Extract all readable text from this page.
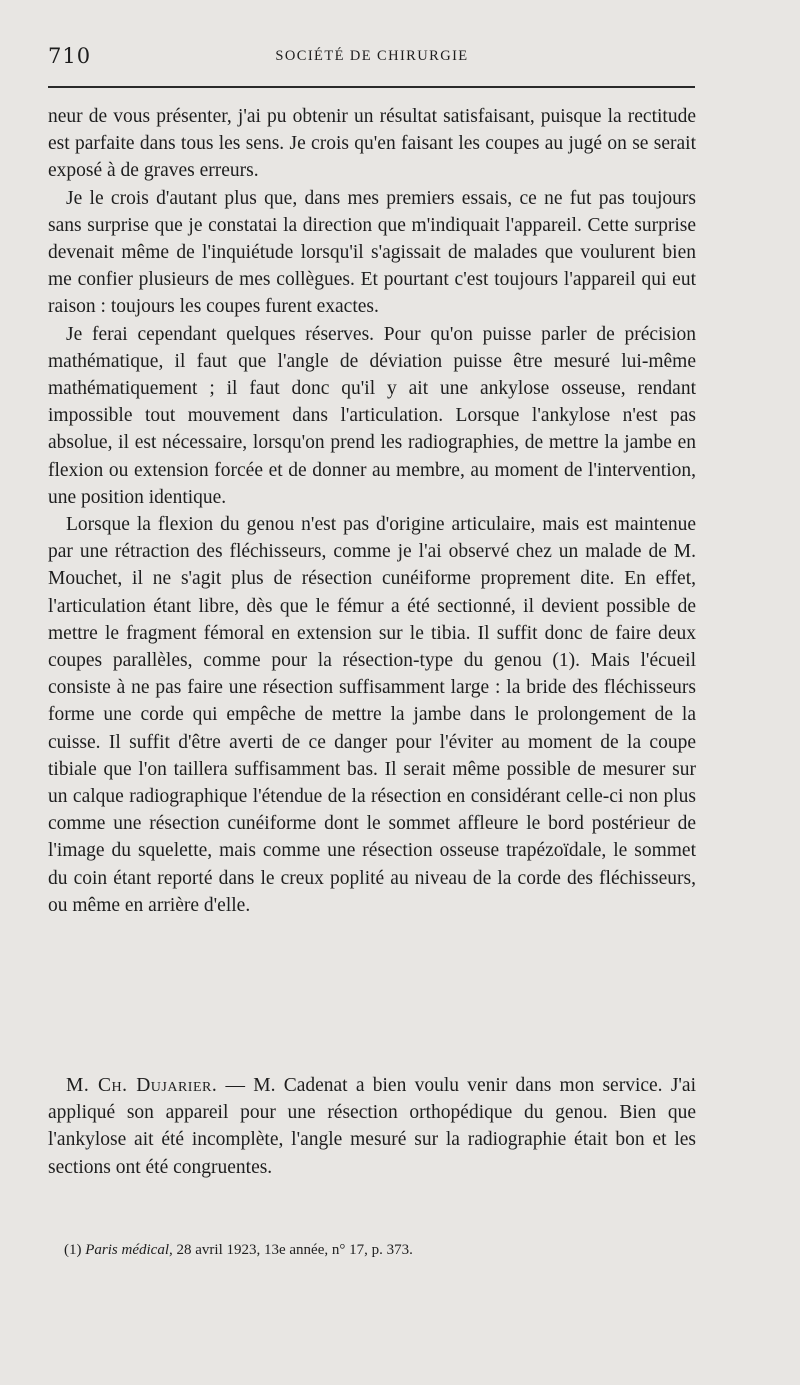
710	SOCIÉTÉ DE CHIRURGIE

neur de vous présenter, j'ai pu obtenir un résultat satisfaisant, puisque la rectitude est parfaite dans tous les sens. Je crois qu'en faisant les coupes au jugé on se serait exposé à de graves erreurs.

Je le crois d'autant plus que, dans mes premiers essais, ce ne fut pas toujours sans surprise que je constatai la direction que m'indiquait l'appareil. Cette surprise devenait même de l'inquiétude lorsqu'il s'agissait de malades que voulurent bien me confier plusieurs de mes collègues. Et pourtant c'est toujours l'appareil qui eut raison : toujours les coupes furent exactes.

Je ferai cependant quelques réserves. Pour qu'on puisse parler de précision mathématique, il faut que l'angle de déviation puisse être mesuré lui-même mathématiquement ; il faut donc qu'il y ait une ankylose osseuse, rendant impossible tout mouvement dans l'articulation. Lorsque l'ankylose n'est pas absolue, il est nécessaire, lorsqu'on prend les radiographies, de mettre la jambe en flexion ou extension forcée et de donner au membre, au moment de l'intervention, une position identique.

Lorsque la flexion du genou n'est pas d'origine articulaire, mais est maintenue par une rétraction des fléchisseurs, comme je l'ai observé chez un malade de M. Mouchet, il ne s'agit plus de résection cunéiforme proprement dite. En effet, l'articulation étant libre, dès que le fémur a été sectionné, il devient possible de mettre le fragment fémoral en extension sur le tibia. Il suffit donc de faire deux coupes parallèles, comme pour la résection-type du genou (1). Mais l'écueil consiste à ne pas faire une résection suffisamment large : la bride des fléchisseurs forme une corde qui empêche de mettre la jambe dans le prolongement de la cuisse. Il suffit d'être averti de ce danger pour l'éviter au moment de la coupe tibiale que l'on taillera suffisamment bas. Il serait même possible de mesurer sur un calque radiographique l'étendue de la résection en considérant celle-ci non plus comme une résection cunéiforme dont le sommet affleure le bord postérieur de l'image du squelette, mais comme une résection osseuse trapézoïdale, le sommet du coin étant reporté dans le creux poplité au niveau de la corde des fléchisseurs, ou même en arrière d'elle.

M. Ch. Dujarier. — M. Cadenat a bien voulu venir dans mon service. J'ai appliqué son appareil pour une résection orthopédique du genou. Bien que l'ankylose ait été incomplète, l'angle mesuré sur la radiographie était bon et les sections ont été congruentes.

(1) Paris médical, 28 avril 1923, 13e année, n° 17, p. 373.
